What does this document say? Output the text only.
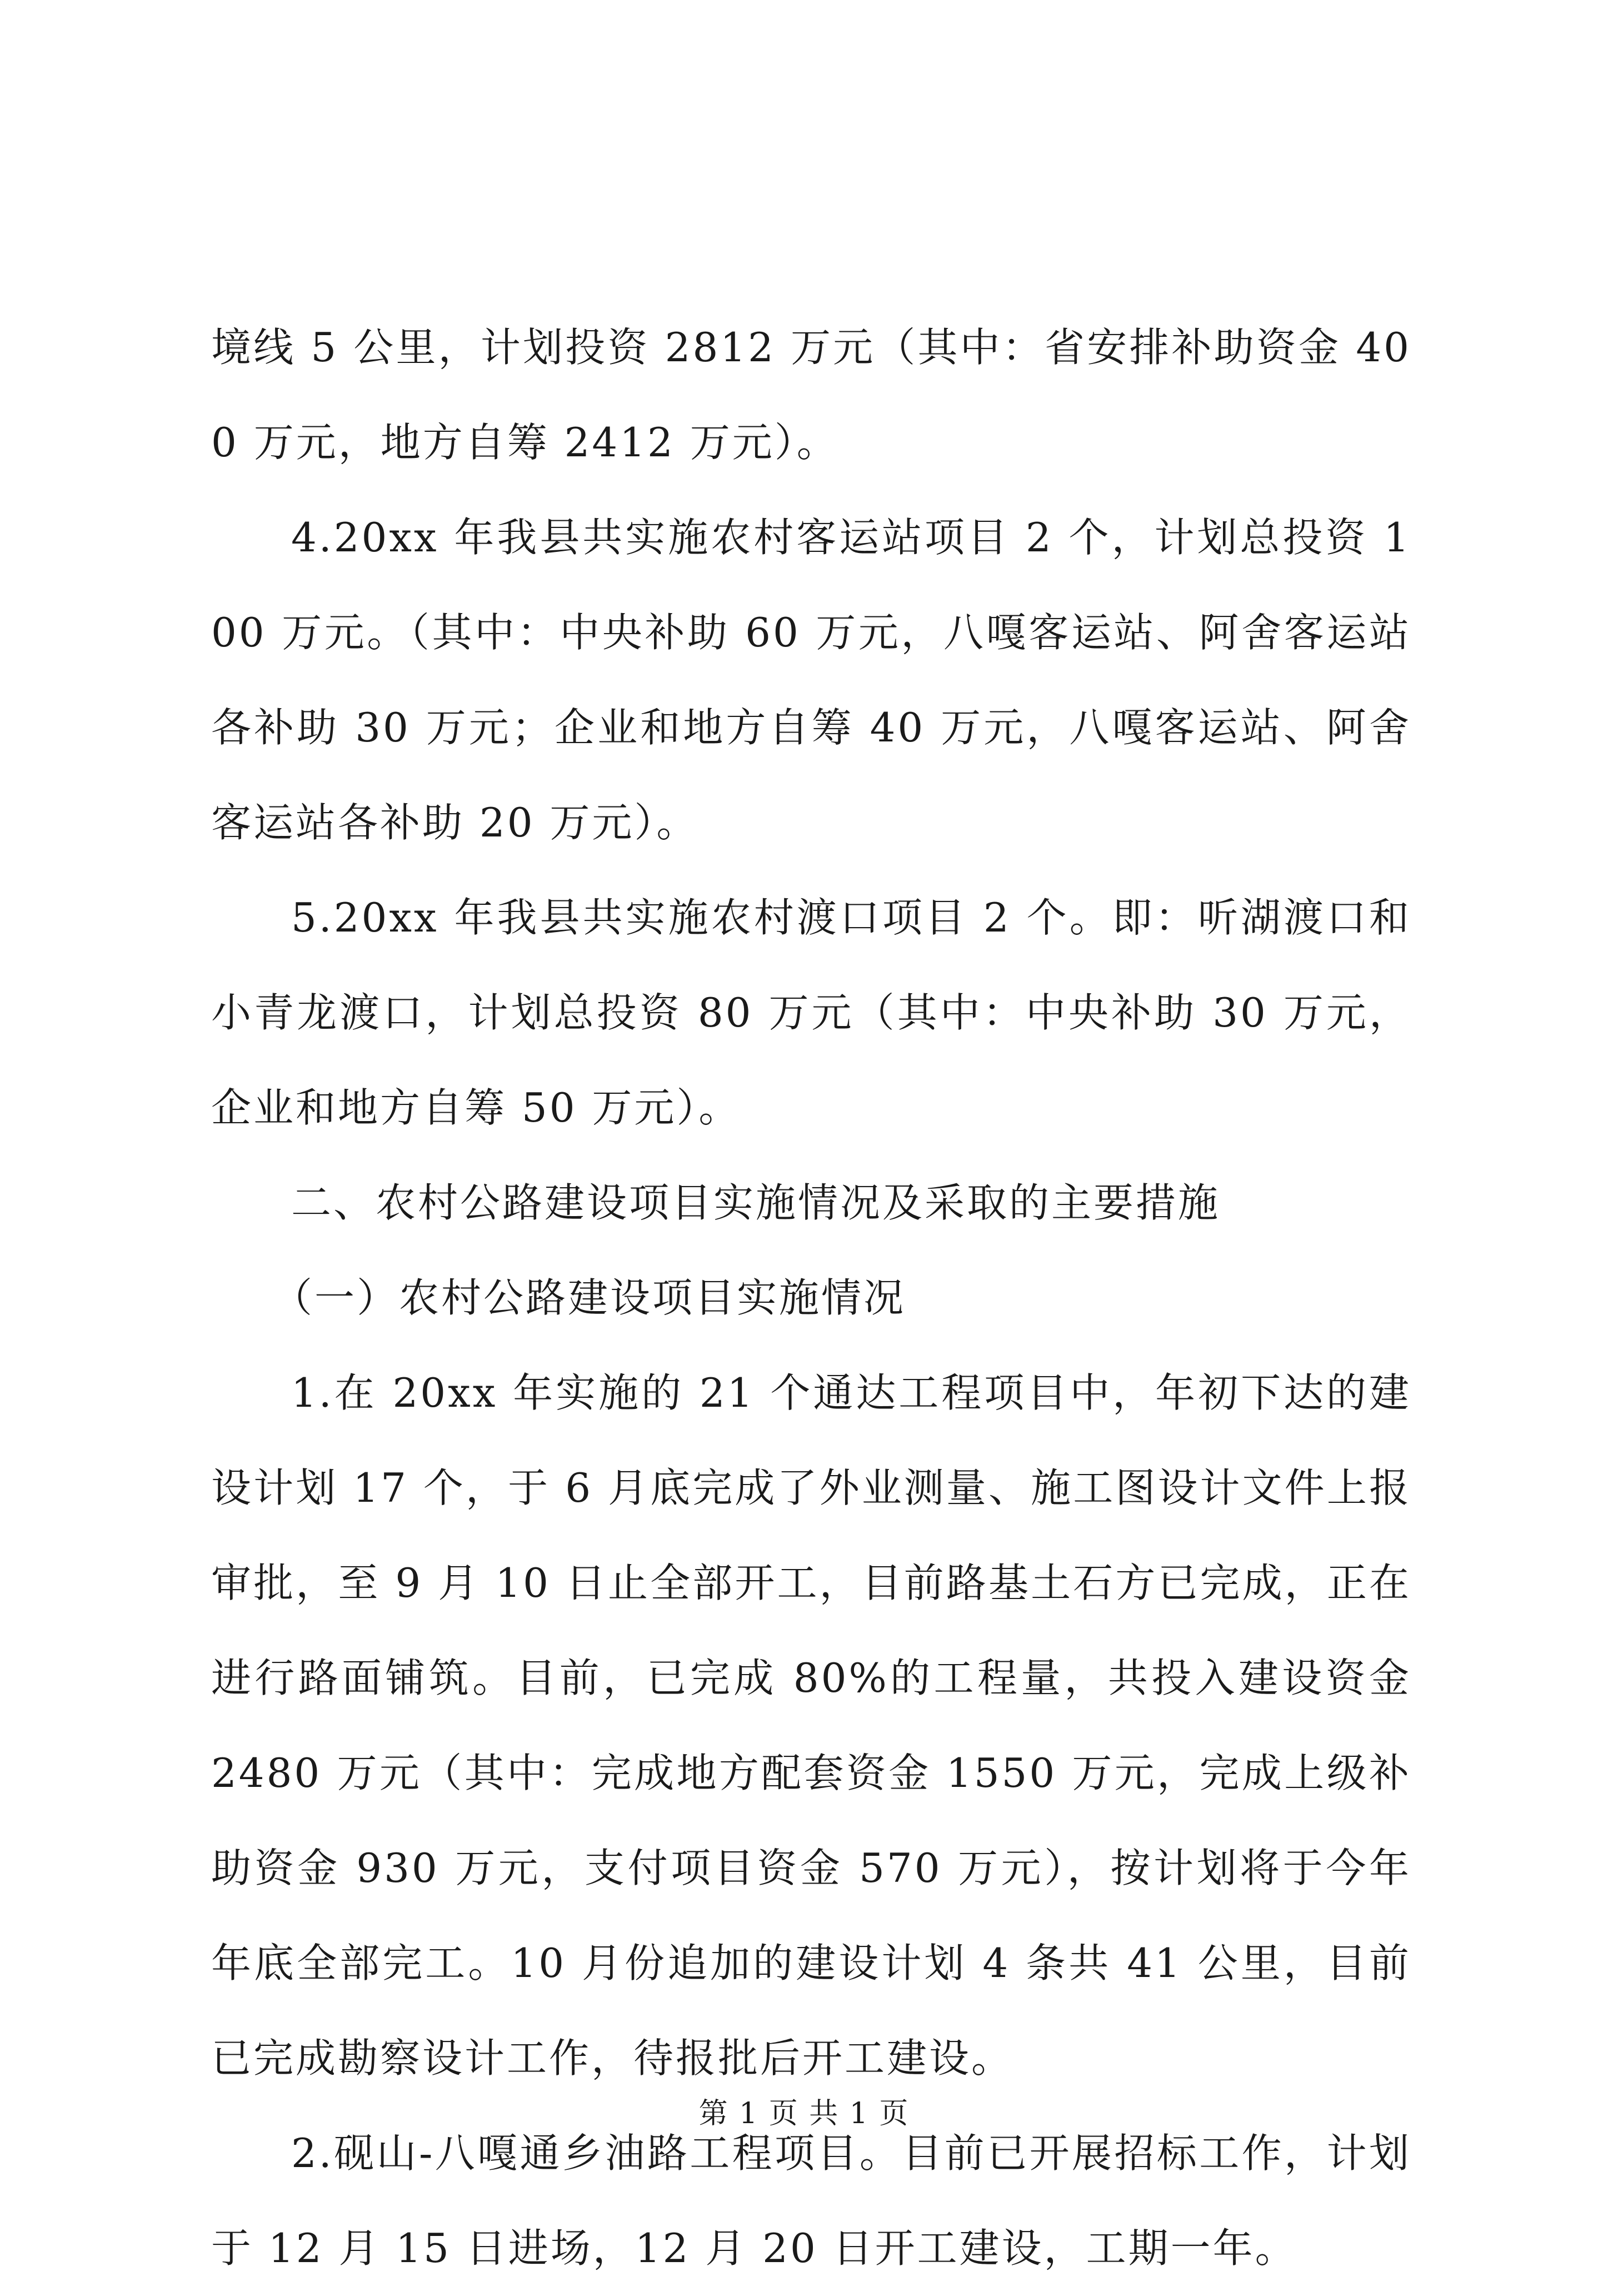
境线 5 公里，计划投资 2812 万元（其中：省安排补助资金 400 万元，地方自筹 2412 万元）。

4.20xx 年我县共实施农村客运站项目 2 个，计划总投资 100 万元。（其中：中央补助 60 万元，八嘎客运站、阿舍客运站各补助 30 万元；企业和地方自筹 40 万元，八嘎客运站、阿舍客运站各补助 20 万元）。

5.20xx 年我县共实施农村渡口项目 2 个。即：听湖渡口和小青龙渡口，计划总投资 80 万元（其中：中央补助 30 万元，企业和地方自筹 50 万元）。

二、农村公路建设项目实施情况及采取的主要措施

（一）农村公路建设项目实施情况

1.在 20xx 年实施的 21 个通达工程项目中，年初下达的建设计划 17 个，于 6 月底完成了外业测量、施工图设计文件上报审批，至 9 月 10 日止全部开工，目前路基土石方已完成，正在进行路面铺筑。目前，已完成 80%的工程量，共投入建设资金 2480 万元（其中：完成地方配套资金 1550 万元，完成上级补助资金 930 万元，支付项目资金 570 万元），按计划将于今年年底全部完工。10 月份追加的建设计划 4 条共 41 公里，目前已完成勘察设计工作，待报批后开工建设。

2.砚山-八嘎通乡油路工程项目。目前已开展招标工作，计划于 12 月 15 日进场，12 月 20 日开工建设，工期一年。

第 1 页 共 1 页
